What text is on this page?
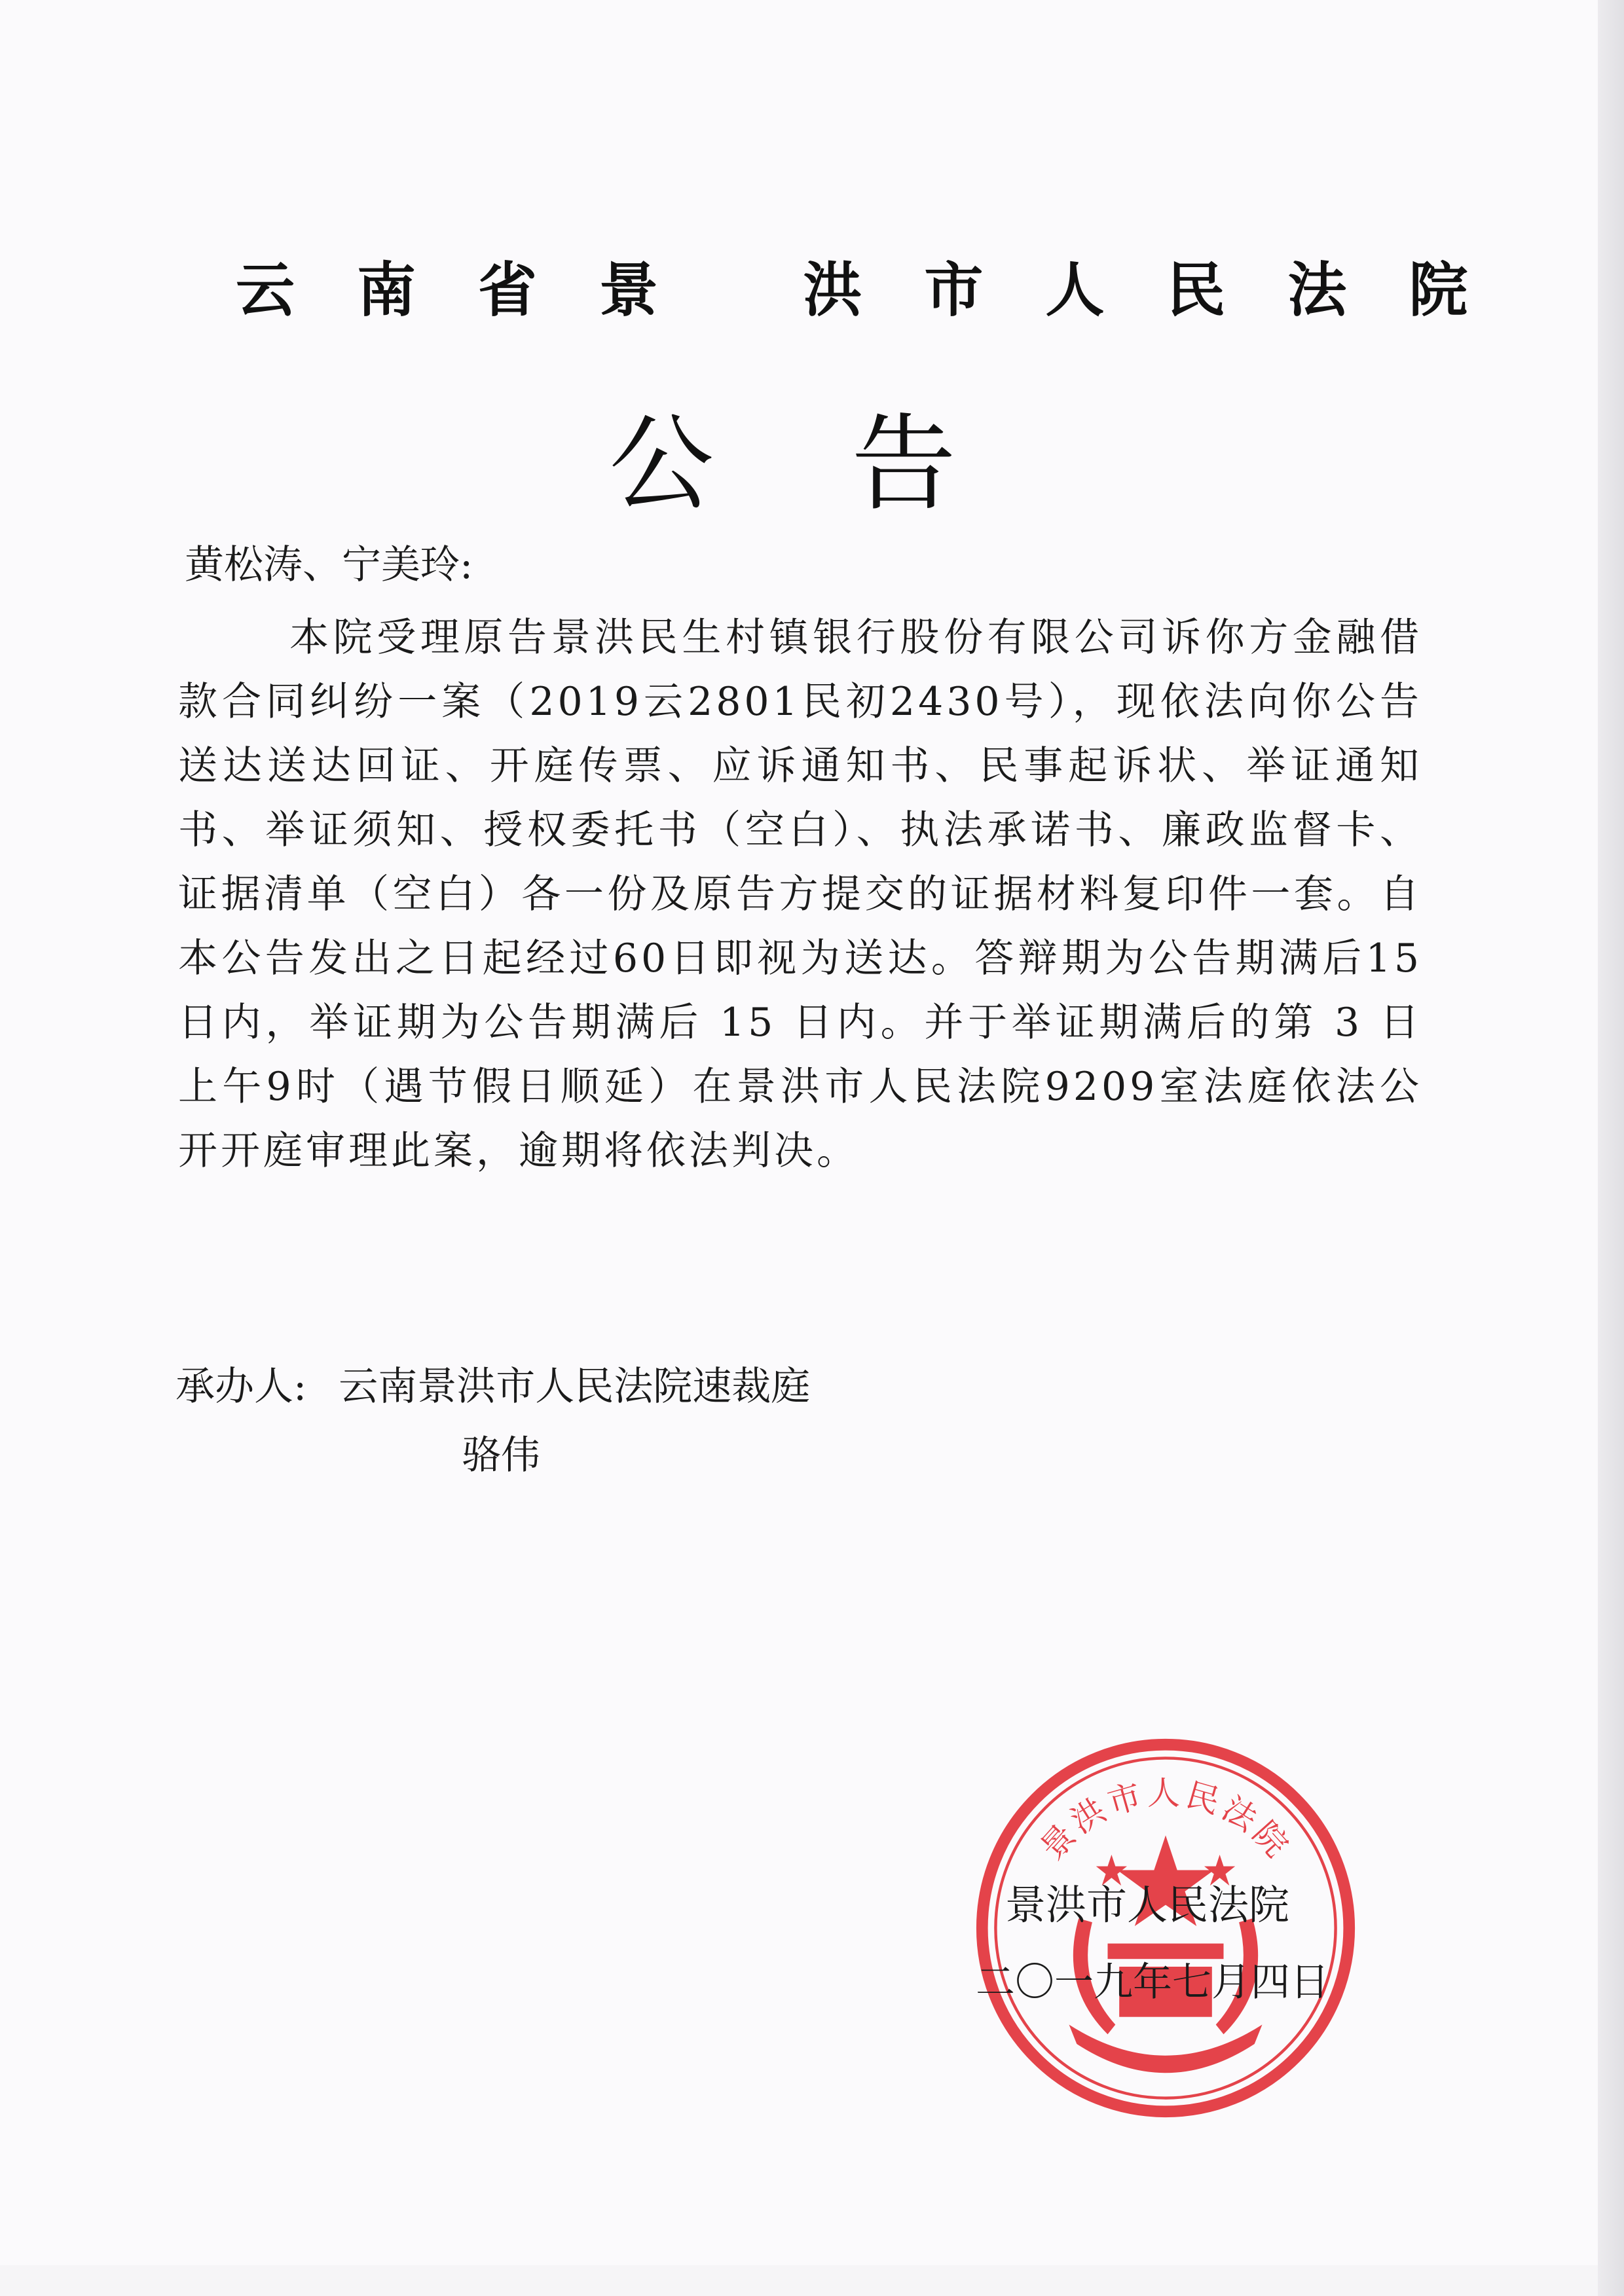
云南省景 洪市人民法院
公告
黄松涛、宁美玲:
本院受理原告景洪民生村镇银行股份有限公司诉你方金融借款合同纠纷一案（2019云2801民初2430号），现依法向你公告送达送达回证、开庭传票、应诉通知书、民事起诉状、举证通知书、举证须知、授权委托书（空白）、执法承诺书、廉政监督卡、证据清单（空白）各一份及原告方提交的证据材料复印件一套。自本公告发出之日起经过60日即视为送达。答辩期为公告期满后15 日内，举证期为公告期满后 15 日内。并于举证期满后的第 3 日上午9时（遇节假日顺延）在景洪市人民法院9209室法庭依法公开开庭审理此案，逾期将依法判决。
承办人: 云南景洪市人民法院速裁庭
骆伟
景洪市人民法院
景洪市人民法院
二〇一九年七月四日
